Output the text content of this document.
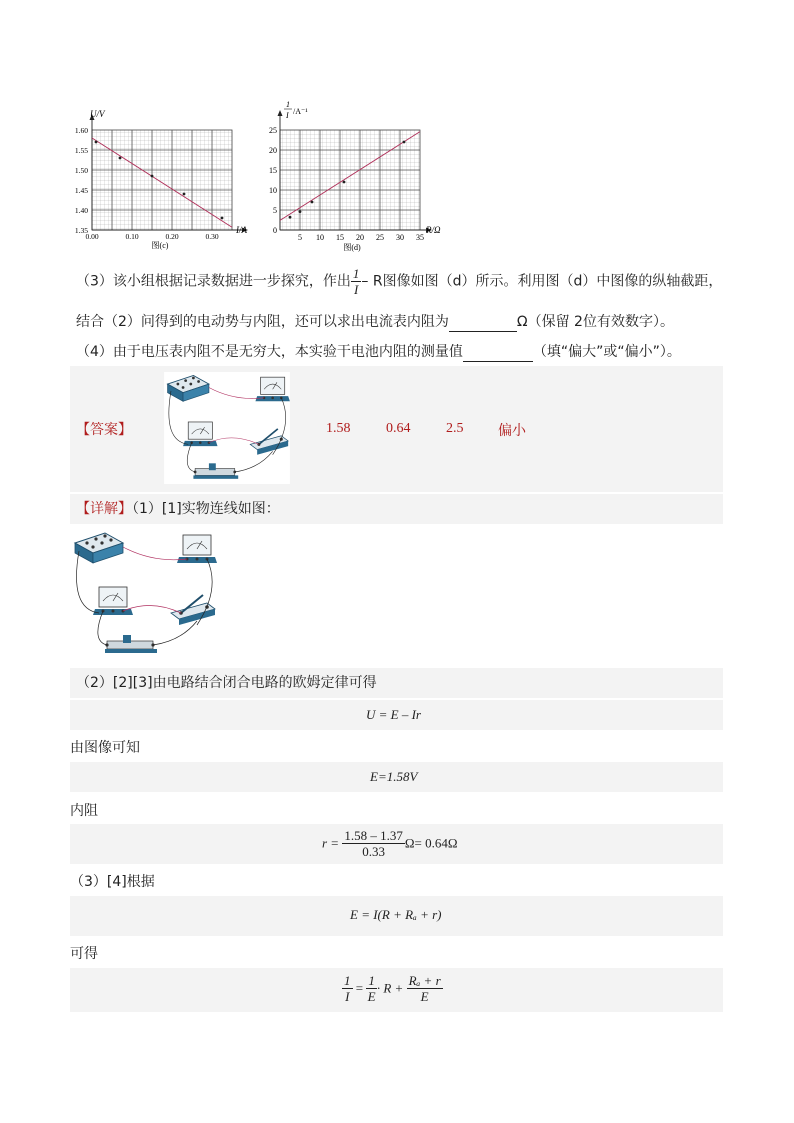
U/V
I/A
1.60
1.55
1.50
1.45
1.40
1.35
0.00	0.10	0.20	0.30
图(c)
1
I /A⁻¹
R/Ω
25
20
15
10
5
0
5 10 15 20 25 30 35
图(d)
（3）该小组根据记录数据进一步探究，作出 $\frac{1}{I}$ – R图像如图（d）所示。利用图（d）中图像的纵轴截距，
结合（2）问得到的电动势与内阻，还可以求出电流表内阻为	Ω（保留 2位有效数字）。
（4）由于电压表内阻不是无穷大，本实验干电池内阻的测量值	（填“偏大”或“偏小”）。
【答案】	1.58	0.64	2.5 偏小
【详解】（1）[1]实物连线如图：
（2）[2][3]由电路结合闭合电路的欧姆定律可得
U = E – Ir
由图像可知
E=1.58V
内阻
$r = \frac{1.58 - 1.37}{0.33} \Omega= 0.64\Omega$
（3）[4]根据
E = I(R + Rₐ + r)
可得
$\frac{1}{I} = \frac{1}{E} \cdot R + \frac{\text{Rₐ + r}}{E}$
